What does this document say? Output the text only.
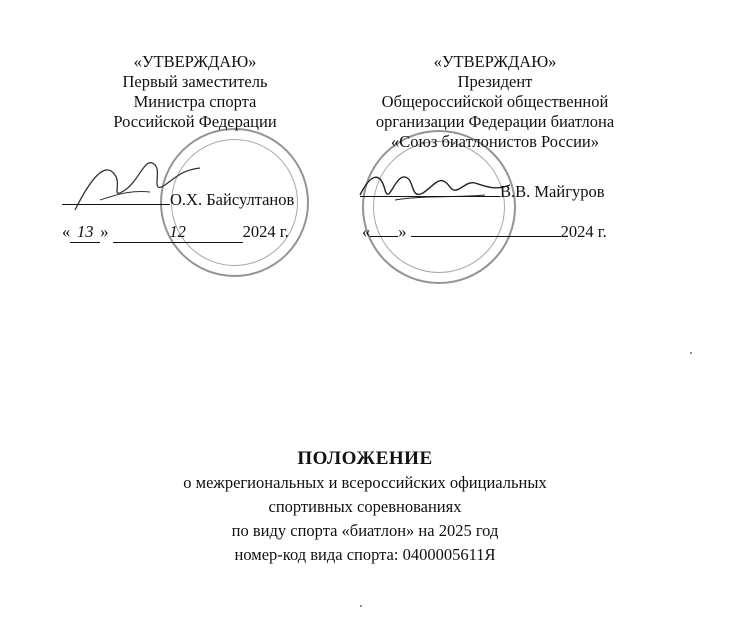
«УТВЕРЖДАЮ»
Первый заместитель
Министра спорта
Российской Федерации
О.Х. Байсултанов
« 13 »	12	2024 г.
«УТВЕРЖДАЮ»
Президент
Общероссийской общественной
организации Федерации биатлона
«Союз биатлонистов России»
В.В. Майгуров
« »	2024 г.
ПОЛОЖЕНИЕ
о межрегиональных и всероссийских официальных
спортивных соревнованиях
по виду спорта «биатлон» на 2025 год
номер-код вида спорта: 0400005611Я
